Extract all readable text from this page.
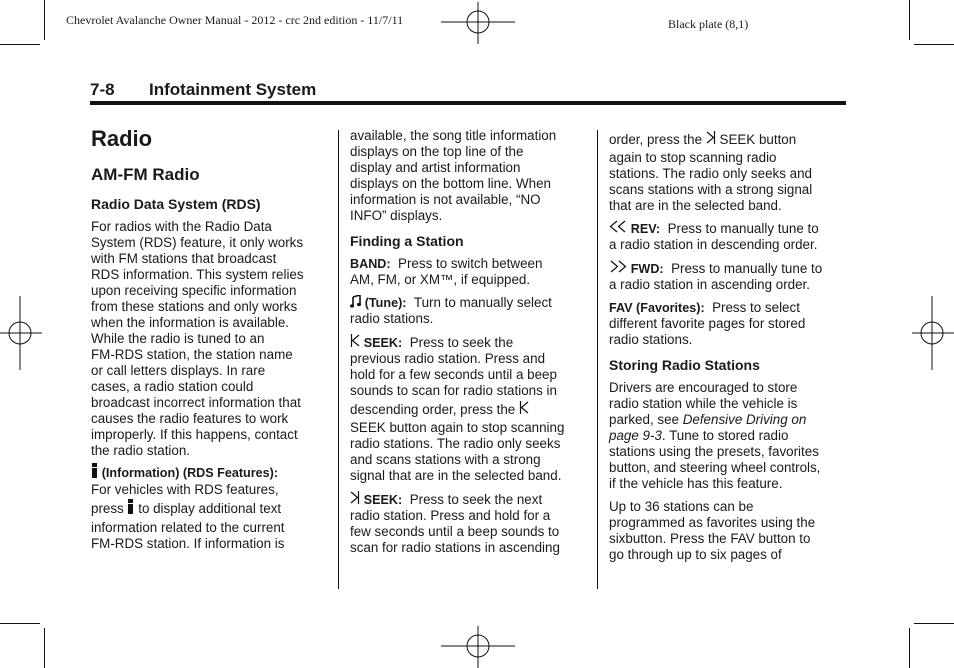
Chevrolet Avalanche Owner Manual - 2012 - crc 2nd edition - 11/7/11	Black plate (8,1)
7-8 Infotainment System

Radio

AM-FM Radio

Radio Data System (RDS)

For radios with the Radio Data

System (RDS) feature, it only works

with FM stations that broadcast

RDS information. This system relies

upon receiving specific information

from these stations and only works

when the information is available.

While the radio is tuned to an

FM-RDS station, the station name

or call letters displays. In rare

cases, a radio station could

broadcast incorrect information that

causes the radio features to work

improperly. If this happens, contact

the radio station.

(Information) (RDS Features):

For vehicles with RDS features,

press to display additional text

information related to the current

FM-RDS station. If information is

available, the song title information

displays on the top line of the

display and artist information

displays on the bottom line. When

information is not available, “NO

INFO” displays.

Finding a Station

BAND: Press to switch between

AM, FM, or XM™, if equipped.

(Tune): Turn to manually select

radio stations.

SEEK: Press to seek the

previous radio station. Press and

hold for a few seconds until a beep

sounds to scan for radio stations in

descending order, press the

SEEK button again to stop scanning

radio stations. The radio only seeks

and scans stations with a strong

signal that are in the selected band.

SEEK: Press to seek the next

radio station. Press and hold for a

few seconds until a beep sounds to

scan for radio stations in ascending

order, press the SEEK button

again to stop scanning radio

stations. The radio only seeks and

scans stations with a strong signal

that are in the selected band.

REV: Press to manually tune to

a radio station in descending order.

FWD: Press to manually tune to

a radio station in ascending order.

FAV (Favorites): Press to select

different favorite pages for stored

radio stations.

Storing Radio Stations

Drivers are encouraged to store

radio station while the vehicle is

parked, see Defensive Driving on

page 9-3. Tune to stored radio

stations using the presets, favorites

button, and steering wheel controls,

if the vehicle has this feature.

Up to 36 stations can be

programmed as favorites using the

sixbutton. Press the FAV button to

go through up to six pages of
